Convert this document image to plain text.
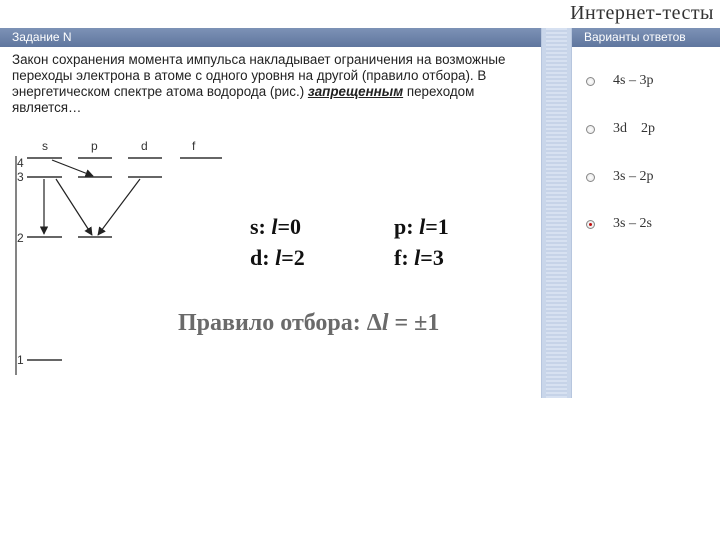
Интернет-тесты
Задание N	Варианты ответов
Закон сохранения момента импульса накладывает ограничения на возможные переходы электрона в атоме с одного уровня на другой (правило отбора). В энергетическом спектре атома водорода (рис.) запрещенным переходом является…
s	p	d	f
4
3
2
1
s: l=0	p: l=1
d: l=2	f: l=3
Правило отбора: Δl = ±1
4s – 3p
3d    2p
3s – 2p
3s – 2s
